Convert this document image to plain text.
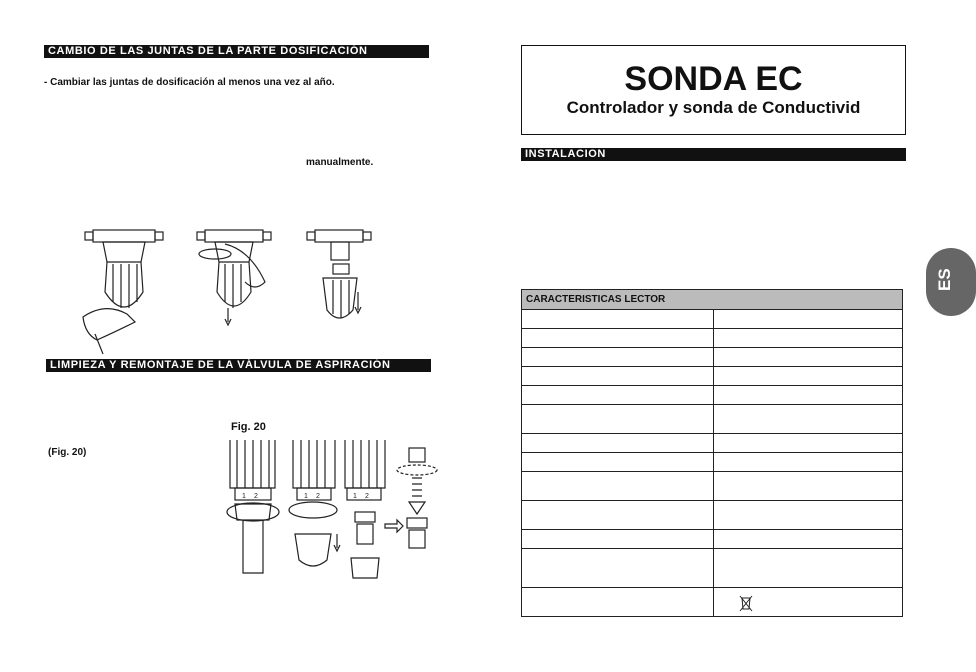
CAMBIO DE LAS JUNTAS DE LA PARTE DOSIFICACIÓN
- Cambiar las juntas de dosificación al menos una vez al año.
manualmente.
LIMPIEZA Y REMONTAJE DE LA VÁLVULA DE ASPIRACIÓN
(Fig. 20)
Fig. 20
1 2	1 2	1 2
SONDA EC
Controlador y sonda de Conductivid
INSTALACION
ES
CARACTERISTICAS LECTOR	
